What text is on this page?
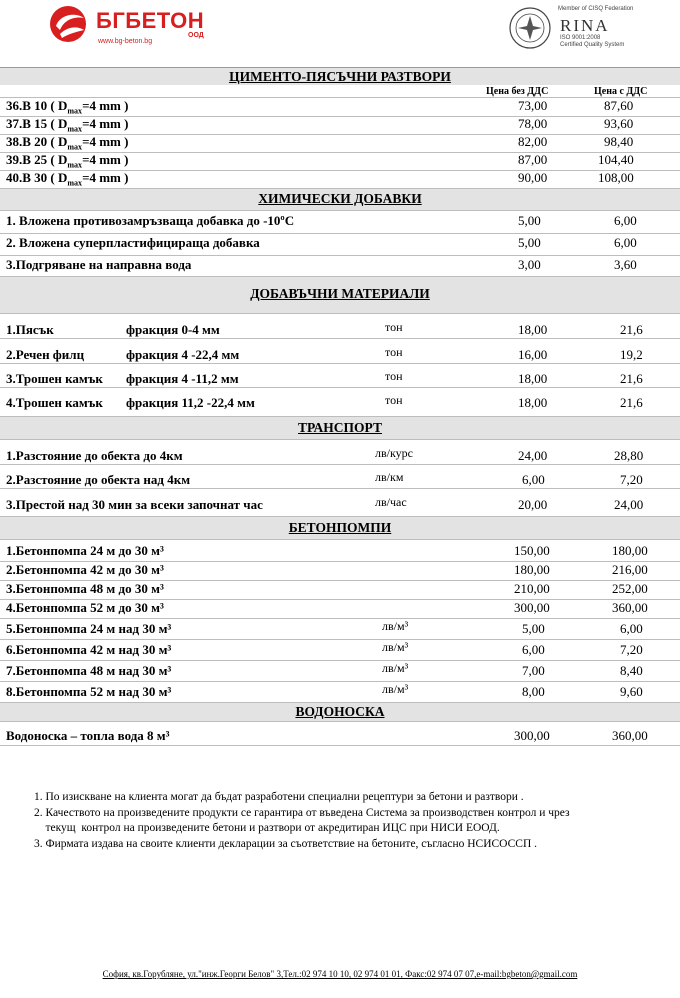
БГБЕТОН
ООД
www.bg-beton.bg
Member of CISQ Federation
RINA
ISO 9001:2008
Certified Quality System
ЦИМЕНТО-ПЯСЪЧНИ РАЗТВОРИ
Цена без ДДС	Цена с ДДС
36.В 10 ( $D_{max}=4$ mm )	73,00	87,60
37.В 15 ( $D_{max}=4$ mm )	78,00	93,60
38.В 20 ( $D_{max}=4$ mm )	82,00	98,40
39.В 25 ( $D_{max}=4$ mm )	87,00	104,40
40.В 30 ( $D_{max}=4$ mm )	90,00	108,00
ХИМИЧЕСКИ ДОБАВКИ
1. Вложена противозамръзваща добавка до -10ºС	5,00	6,00
2. Вложена суперпластифицираща добавка	5,00	6,00
3.Подгряване на направна вода	3,00	3,60
ДОБАВЪЧНИ МАТЕРИАЛИ
1.Пясък	фракция 0-4 мм	тон	18,00	21,6
2.Речен филц	фракция 4 -22,4 мм	тон	16,00	19,2
3.Трошен камък фракция 4 -11,2 мм	тон	18,00	21,6
4.Трошен камък фракция 11,2 -22,4 мм	тон	18,00	21,6
ТРАНСПОРТ
1.Разстояние до обекта до 4км	лв/курс	24,00	28,80
2.Разстояние до обекта над 4км	лв/км	6,00	7,20
3.Престой над 30 мин за всеки започнат час	лв/час	20,00	24,00
БЕТОНПОМПИ
1.Бетонпомпа 24 м до 30 м³	150,00	180,00
2.Бетонпомпа 42 м до 30 м³	180,00	216,00
3.Бетонпомпа 48 м до 30 м³	210,00	252,00
4.Бетонпомпа 52 м до 30 м³	300,00	360,00
5.Бетонпомпа 24 м над 30 м³	лв/м³	5,00	6,00
6.Бетонпомпа 42 м над 30 м³	лв/м³	6,00	7,20
7.Бетонпомпа 48 м над 30 м³	лв/м³	7,00	8,40
8.Бетонпомпа 52 м над 30 м³	лв/м³	8,00	9,60
ВОДОНОСКА
Водоноска – топла вода 8 м³	300,00	360,00
1. По изискване на клиента могат да бъдат разработени специални рецептури за бетони и разтвори .
2. Качеството на произведените продукти се гарантира от въведена Система за производствен контрол и чрез
текущ  контрол на произведените бетони и разтвори от акредитиран ИЦС при НИСИ ЕООД.
3. Фирмата издава на своите клиенти декларации за съответствие на бетоните, съгласно НСИСОССП .
София, кв.Горубляне, ул."инж.Георги Белов" 3,Тел.:02 974 10 10, 02 974 01 01, Факс:02 974 07 07,e-mail:bgbeton@gmail.com
